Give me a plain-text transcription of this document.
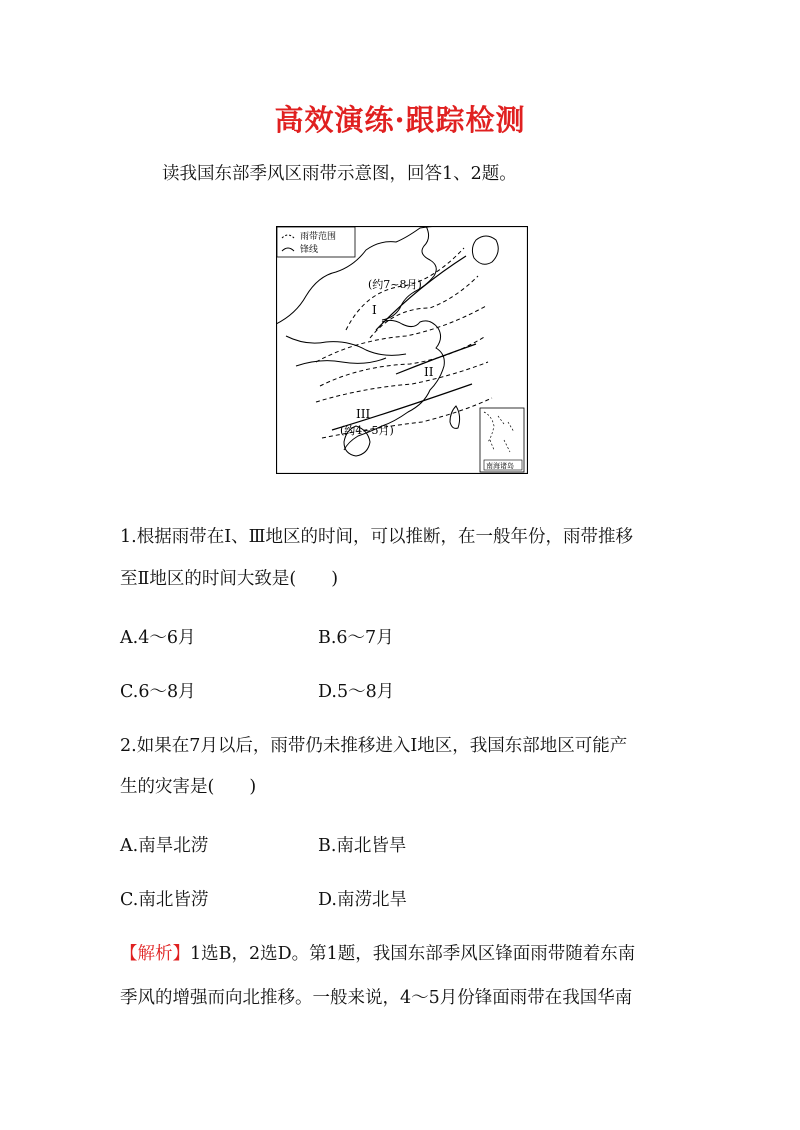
高效演练·跟踪检测
读我国东部季风区雨带示意图，回答1、2题。
雨带范围
锋线
(约7~8月)
I
II
III
(约4~5月)
南海诸岛
1.根据雨带在Ⅰ、Ⅲ地区的时间，可以推断，在一般年份，雨带推移
至Ⅱ地区的时间大致是(　　)
A.4～6月	B.6～7月
C.6～8月	D.5～8月
2.如果在7月以后，雨带仍未推移进入Ⅰ地区，我国东部地区可能产
生的灾害是(　　)
A.南旱北涝	B.南北皆旱
C.南北皆涝	D.南涝北旱
【解析】1选B，2选D。第1题，我国东部季风区锋面雨带随着东南
季风的增强而向北推移。一般来说，4～5月份锋面雨带在我国华南
